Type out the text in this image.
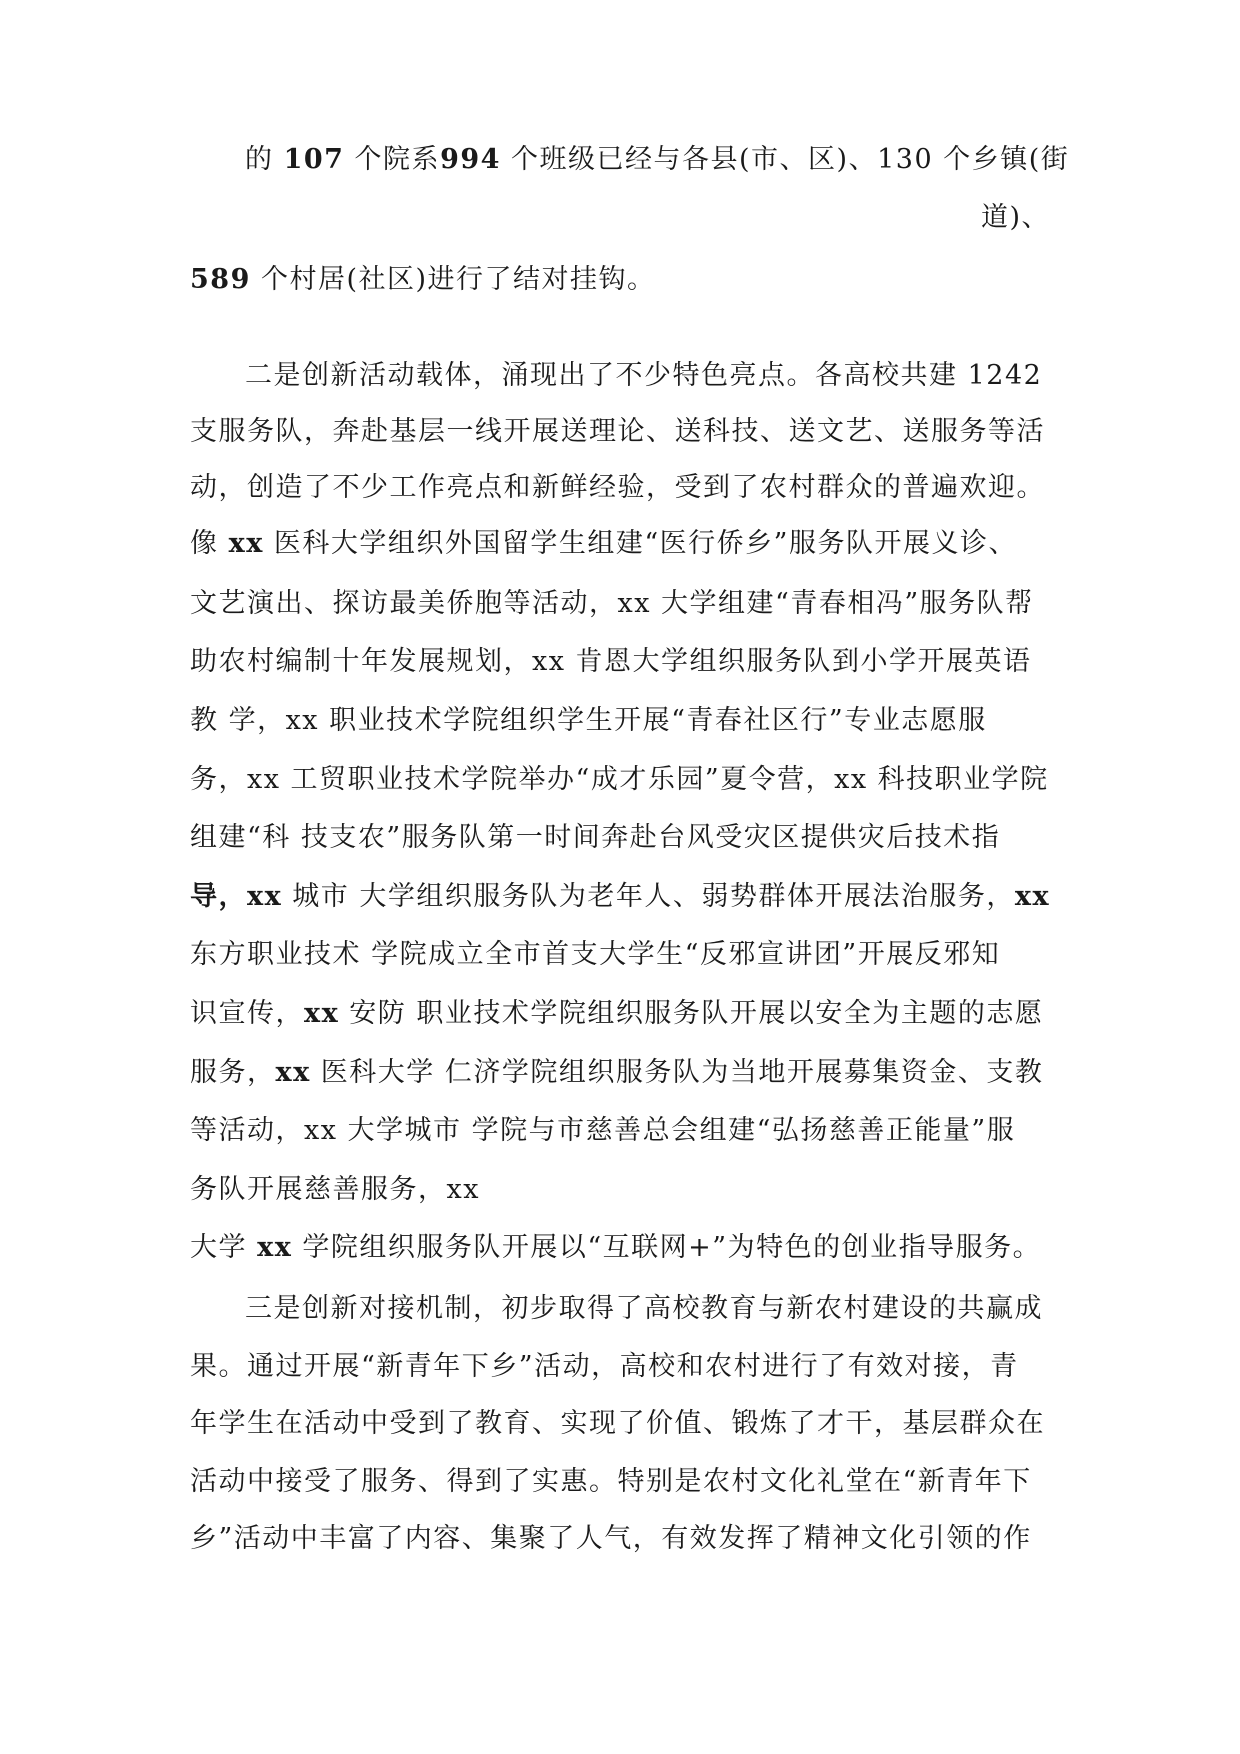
的 107 个院系994 个班级已经与各县(市、区)、130 个乡镇(街
道)、
589 个村居(社区)进行了结对挂钩。
二是创新活动载体，涌现出了不少特色亮点。各高校共建 1242
支服务队，奔赴基层一线开展送理论、送科技、送文艺、送服务等活
动，创造了不少工作亮点和新鲜经验，受到了农村群众的普遍欢迎。
像 xx 医科大学组织外国留学生组建“医行侨乡”服务队开展义诊、
文艺演出、探访最美侨胞等活动，xx 大学组建“青春相冯”服务队帮
助农村编制十年发展规划，xx 肯恩大学组织服务队到小学开展英语
教 学，xx 职业技术学院组织学生开展“青春社区行”专业志愿服
务，xx 工贸职业技术学院举办“成才乐园”夏令营，xx 科技职业学院
组建“科 技支农”服务队第一时间奔赴台风受灾区提供灾后技术指
导，xx 城市 大学组织服务队为老年人、弱势群体开展法治服务，xx
东方职业技术 学院成立全市首支大学生“反邪宣讲团”开展反邪知
识宣传，xx 安防 职业技术学院组织服务队开展以安全为主题的志愿
服务，xx 医科大学 仁济学院组织服务队为当地开展募集资金、支教
等活动，xx 大学城市 学院与市慈善总会组建“弘扬慈善正能量”服
务队开展慈善服务，xx
大学 xx 学院组织服务队开展以“互联网+”为特色的创业指导服务。
三是创新对接机制，初步取得了高校教育与新农村建设的共赢成
果。通过开展“新青年下乡”活动，高校和农村进行了有效对接，青
年学生在活动中受到了教育、实现了价值、锻炼了才干，基层群众在
活动中接受了服务、得到了实惠。特别是农村文化礼堂在“新青年下
乡”活动中丰富了内容、集聚了人气，有效发挥了精神文化引领的作
